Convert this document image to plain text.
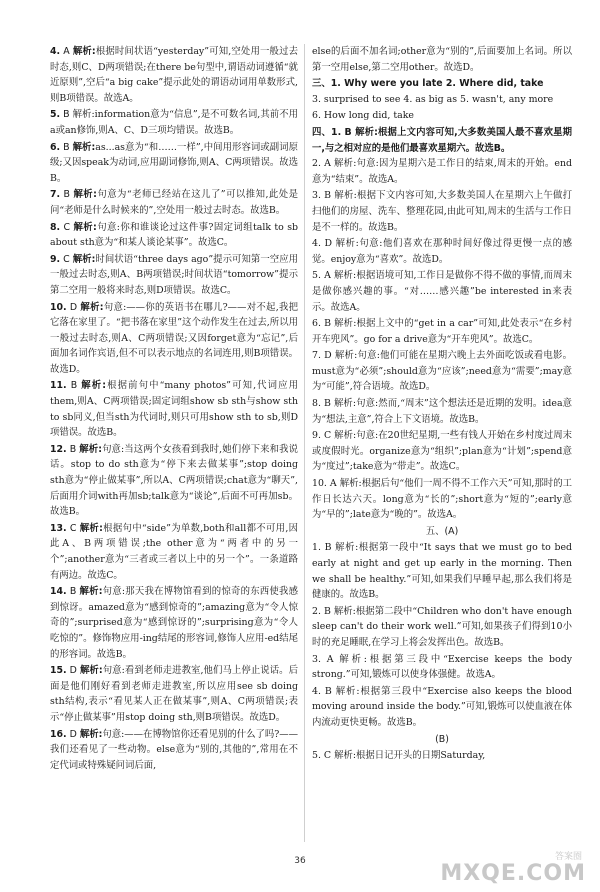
4. A 解析:根据时间状语“yesterday”可知,空处用一般过去时态,则C、D两项错误;在there be句型中,谓语动词遵循“就近原则”,空后“a big cake”提示此处的谓语动词用单数形式,则B项错误。故选A。
5. B 解析:information意为“信息”,是不可数名词,其前不用a或an修饰,则A、C、D三项均错误。故选B。
6. B 解析:as...as意为“和……一样”,中间用形容词或副词原级;又因speak为动词,应用副词修饰,则A、C两项错误。故选B。
7. B 解析:句意为“老师已经站在这儿了”可以推知,此处是问“老师是什么时候来的”,空处用一般过去时态。故选B。
8. C 解析:句意:你和谁谈论过这件事?固定词组talk to sb about sth意为“和某人谈论某事”。故选C。
9. C 解析:时间状语“three days ago”提示可知第一空应用一般过去时态,则A、B两项错误;时间状语“tomorrow”提示第二空用一般将来时态,则D项错误。故选C。
10. D 解析:句意:——你的英语书在哪儿?——对不起,我把它落在家里了。“把书落在家里”这个动作发生在过去,所以用一般过去时态,则A、C两项错误;又因forget意为“忘记”,后面加名词作宾语,但不可以表示地点的名词连用,则B项错误。故选D。
11. B 解析:根据前句中“many photos”可知,代词应用them,则A、C两项错误;固定词组show sb sth与show sth to sb同义,但当sth为代词时,则只可用show sth to sb,则D项错误。故选B。
12. B 解析:句意:当这两个女孩看到我时,她们停下来和我说话。stop to do sth意为“停下来去做某事”;stop doing sth意为“停止做某事”,所以A、C两项错误;chat意为“聊天”,后面用介词with再加sb;talk意为“谈论”,后面不可再加sb。故选B。
13. C 解析:根据句中“side”为单数,both和all都不可用,因此A、B两项错误;the other意为“两者中的另一个”;another意为“三者或三者以上中的另一个”。一条道路有两边。故选C。
14. B 解析:句意:那天我在博物馆看到的惊奇的东西使我感到惊讶。amazed意为“感到惊奇的”;amazing意为“令人惊奇的”;surprised意为“感到惊讶的”;surprising意为“令人吃惊的”。修饰物应用-ing结尾的形容词,修饰人应用-ed结尾的形容词。故选B。
15. D 解析:句意:看到老师走进教室,他们马上停止说话。后面是他们刚好看到老师走进教室,所以应用see sb doing sth结构,表示“看见某人正在做某事”,则A、C两项错误;表示“停止做某事”用stop doing sth,则B项错误。故选D。
16. D 解析:句意:——在博物馆你还看见别的什么了吗?——我们还看见了一些动物。else意为“别的,其他的”,常用在不定代词或特殊疑问词后面,
else的后面不加名词;other意为“别的”,后面要加上名词。所以第一空用else,第二空用other。故选D。
三、1. Why were you late 2. Where did, take
3. surprised to see 4. as big as 5. wasn't, any more
6. How long did, take
四、1. B 解析:根据上文内容可知,大多数美国人最不喜欢星期一,与之相对应的是他们最喜欢星期六。故选B。
2. A 解析:句意:因为星期六是工作日的结束,周末的开始。end意为“结束”。故选A。
3. B 解析:根据下文内容可知,大多数美国人在星期六上午做打扫他们的房屋、洗车、整理花园,由此可知,周末的生活与工作日是不一样的。故选B。
4. D 解析:句意:他们喜欢在那种时间好像过得更慢一点的感觉。enjoy意为“喜欢”。故选D。
5. A 解析:根据语境可知,工作日是做你不得不做的事情,而周末是做你感兴趣的事。“对……感兴趣”be interested in来表示。故选A。
6. B 解析:根据上文中的“get in a car”可知,此处表示“在乡村开车兜风”。go for a drive意为“开车兜风”。故选C。
7. D 解析:句意:他们可能在星期六晚上去外面吃饭或看电影。must意为“必须”;should意为“应该”;need意为“需要”;may意为“可能”,符合语境。故选D。
8. B 解析:句意:然而,“周末”这个想法还是近期的发明。idea意为“想法,主意”,符合上下文语境。故选B。
9. C 解析:句意:在20世纪星期,一些有钱人开始在乡村度过周末或度假时光。organize意为“组织”;plan意为“计划”;spend意为“度过”;take意为“带走”。故选C。
10. A 解析:根据后句“他们一周不得不工作六天”可知,那时的工作日长达六天。long意为“长的”;short意为“短的”;early意为“早的”;late意为“晚的”。故选A。
五、(A)
1. B 解析:根据第一段中“It says that we must go to bed early at night and get up early in the morning. Then we shall be healthy.”可知,如果我们早睡早起,那么我们将是健康的。故选B。
2. B 解析:根据第二段中“Children who don't have enough sleep can't do their work well.”可知,如果孩子们得到10小时的充足睡眠,在学习上将会发挥出色。故选B。
3. A 解析:根据第三段中“Exercise keeps the body strong.”可知,锻炼可以使身体强健。故选A。
4. B 解析:根据第三段中“Exercise also keeps the blood moving around inside the body.”可知,锻炼可以使血液在体内流动更快更畅。故选B。
(B)
5. C 解析:根据日记开头的日期Saturday,
36	答案圈
MXQE.COM
